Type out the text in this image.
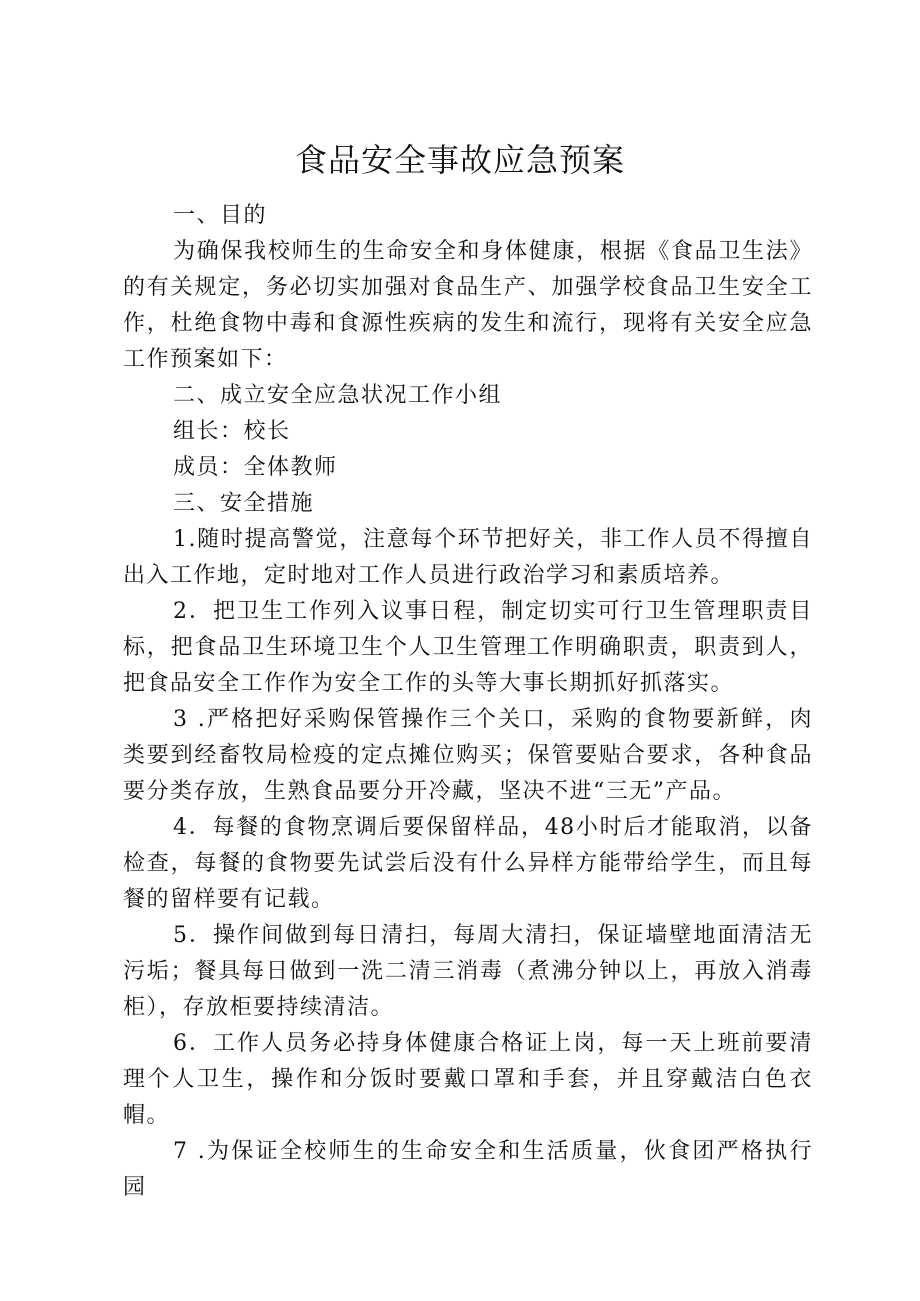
食品安全事故应急预案

一、目的

为确保我校师生的生命安全和身体健康，根据《食品卫生法》的有关规定，务必切实加强对食品生产、加强学校食品卫生安全工作，杜绝食物中毒和食源性疾病的发生和流行，现将有关安全应急工作预案如下：

二、成立安全应急状况工作小组

组长：校长

成员：全体教师

三、安全措施

1.随时提高警觉，注意每个环节把好关，非工作人员不得擅自出入工作地，定时地对工作人员进行政治学习和素质培养。

2．把卫生工作列入议事日程，制定切实可行卫生管理职责目标，把食品卫生环境卫生个人卫生管理工作明确职责，职责到人，把食品安全工作作为安全工作的头等大事长期抓好抓落实。

3 .严格把好采购保管操作三个关口，采购的食物要新鲜，肉类要到经畜牧局检疫的定点摊位购买；保管要贴合要求，各种食品要分类存放，生熟食品要分开冷藏，坚决不进“三无”产品。

4．每餐的食物烹调后要保留样品，48小时后才能取消，以备检查，每餐的食物要先试尝后没有什么异样方能带给学生，而且每餐的留样要有记载。

5．操作间做到每日清扫，每周大清扫，保证墙壁地面清洁无污垢；餐具每日做到一洗二清三消毒（煮沸分钟以上，再放入消毒柜），存放柜要持续清洁。

6．工作人员务必持身体健康合格证上岗，每一天上班前要清理个人卫生，操作和分饭时要戴口罩和手套，并且穿戴洁白色衣帽。

7 .为保证全校师生的生命安全和生活质量，伙食团严格执行园
